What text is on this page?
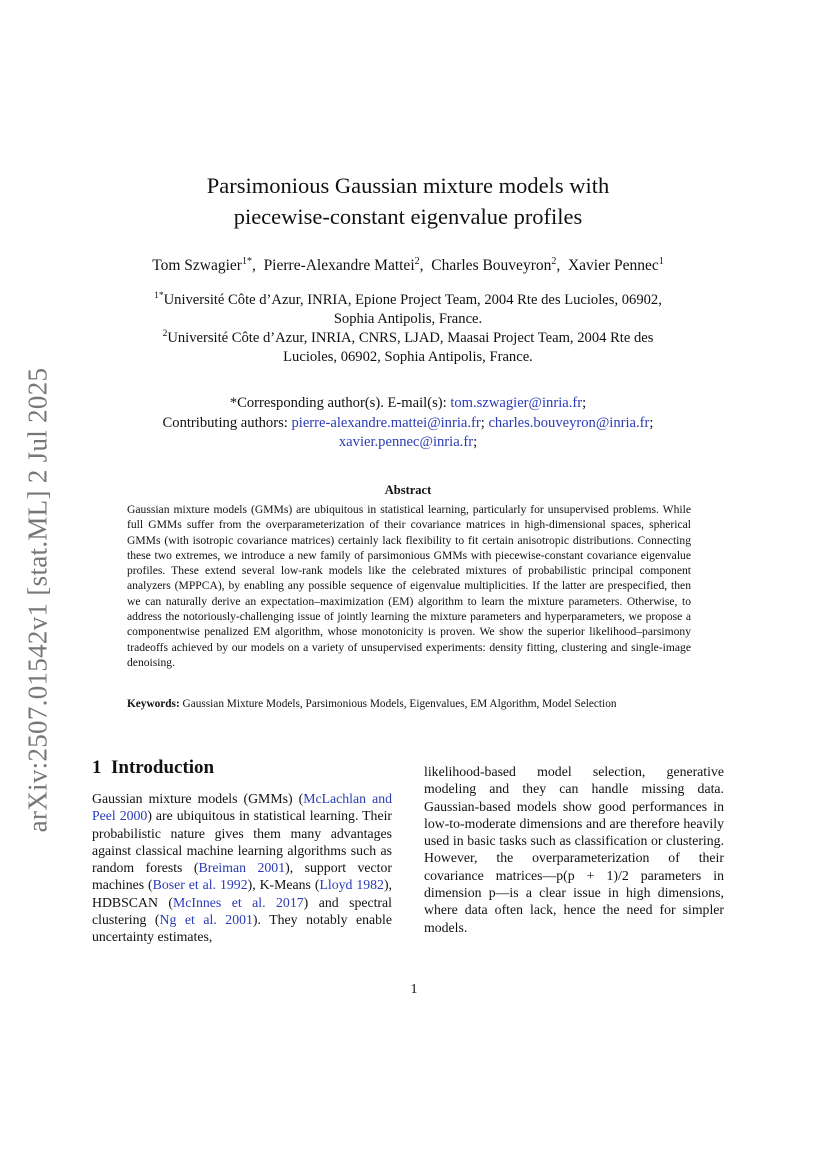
arXiv:2507.01542v1 [stat.ML] 2 Jul 2025
Parsimonious Gaussian mixture models with
piecewise-constant eigenvalue profiles
Tom Szwagier$^{1*}$,  Pierre-Alexandre Mattei$^2$,  Charles Bouveyron$^2$,  Xavier Pennec$^1$
$^{1*}$Université Côte d’Azur, INRIA, Epione Project Team, 2004 Rte des Lucioles, 06902,
Sophia Antipolis, France.
$^2$Université Côte d’Azur, INRIA, CNRS, LJAD, Maasai Project Team, 2004 Rte des
Lucioles, 06902, Sophia Antipolis, France.
*Corresponding author(s). E-mail(s): tom.szwagier@inria.fr;
Contributing authors: pierre-alexandre.mattei@inria.fr; charles.bouveyron@inria.fr;
xavier.pennec@inria.fr;
Abstract

Gaussian mixture models (GMMs) are ubiquitous in statistical learning, particularly for unsupervised problems. While full GMMs suffer from the overparameterization of their covariance matrices in high-dimensional spaces, spherical GMMs (with isotropic covariance matrices) certainly lack flexibility to fit certain anisotropic distributions. Connecting these two extremes, we introduce a new family of parsimonious GMMs with piecewise-constant covariance eigenvalue profiles. These extend several low-rank models like the celebrated mixtures of probabilistic principal component analyzers (MPPCA), by enabling any possible sequence of eigenvalue multiplicities. If the latter are prespecified, then we can naturally derive an expectation–maximization (EM) algorithm to learn the mixture parameters. Otherwise, to address the notoriously-challenging issue of jointly learning the mixture parameters and hyperparameters, we propose a componentwise penalized EM algorithm, whose monotonicity is proven. We show the superior likelihood–parsimony tradeoffs achieved by our models on a variety of unsupervised experiments: density fitting, clustering and single-image denoising.

Keywords: Gaussian Mixture Models, Parsimonious Models, Eigenvalues, EM Algorithm, Model Selection
1 Introduction

Gaussian mixture models (GMMs) (McLachlan and Peel 2000) are ubiquitous in statistical learning. Their probabilistic nature gives them many advantages against classical machine learning algorithms such as random forests (Breiman 2001), support vector machines (Boser et al. 1992), K-Means (Lloyd 1982), HDBSCAN (McInnes et al. 2017) and spectral clustering (Ng et al. 2001). They notably enable uncertainty estimates,

likelihood-based model selection, generative modeling and they can handle missing data. Gaussian-based models show good performances in low-to-moderate dimensions and are therefore heavily used in basic tasks such as classification or clustering. However, the overparameterization of their covariance matrices—p(p + 1)/2 parameters in dimension p—is a clear issue in high dimensions, where data often lack, hence the need for simpler models.

1
